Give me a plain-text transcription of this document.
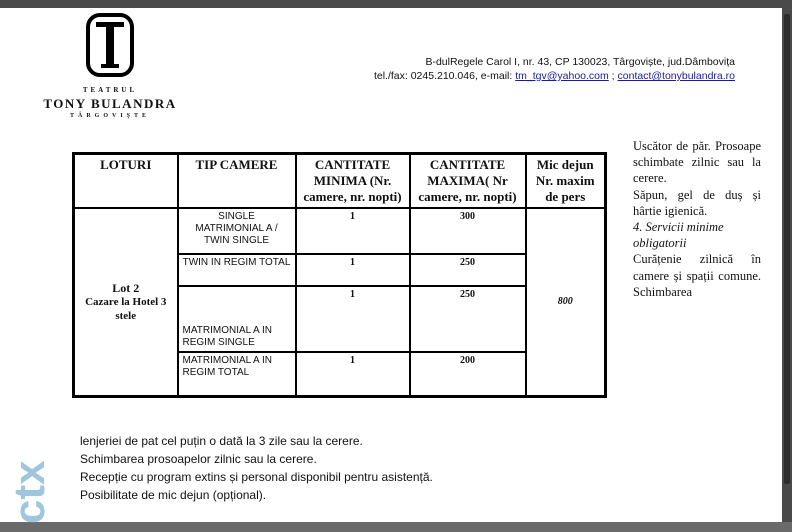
TEATRUL
TONY BULANDRA
TÂRGOVIŞTE
B-dulRegele Carol I, nr. 43, CP 130023, Târgoviște, jud.Dâmbovița
tel./fax: 0245.210.046, e-mail: tm_tgv@yahoo.com ; contact@tonybulandra.ro
LOTURI	TIP CAMERE	CANTITATE MINIMA (Nr. camere, nr. nopti)	CANTITATE MAXIMA( Nr camere, nr. nopti)	Mic dejun Nr. maxim de pers

Lot 2
Cazare la Hotel 3 stele	SINGLE MATRIMONIAL A / TWIN SINGLE	1	300	800
	TWIN IN REGIM TOTAL	1	250	
	MATRIMONIAL A IN REGIM SINGLE	1	250	
	MATRIMONIAL A IN REGIM TOTAL	1	200	

Uscător de păr. Prosoape schimbate zilnic sau la cerere.

Săpun, gel de duș și hârtie igienică.

4. Servicii minime obligatorii

Curățenie zilnică în camere și spații comune. Schimbarea

lenjeriei de pat cel puțin o dată la 3 zile sau la cerere.

Schimbarea prosoapelor zilnic sau la cerere.

Recepție cu program extins și personal disponibil pentru asistență.

Posibilitate de mic dejun (opțional).

ctx
